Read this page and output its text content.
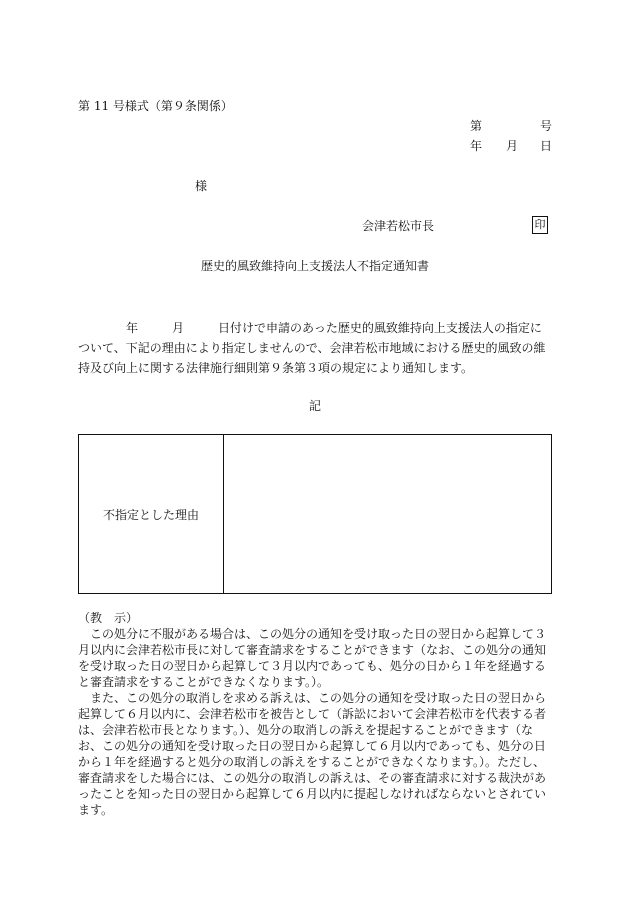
第 11 号様式（第９条関係）
第	号
年 月 日
様
会津若松市長	印
歴史的風致維持向上支援法人不指定通知書
年	月	日付けで申請のあった歴史的風致維持向上支援法人の指定について、下記の理由により指定しませんので、会津若松市地域における歴史的風致の維持及び向上に関する法律施行細則第９条第３項の規定により通知します。
記
不指定とした理由	
（教　示）

この処分に不服がある場合は、この処分の通知を受け取った日の翌日から起算して３月以内に会津若松市長に対して審査請求をすることができます（なお、この処分の通知を受け取った日の翌日から起算して３月以内であっても、処分の日から１年を経過すると審査請求をすることができなくなります。）。

また、この処分の取消しを求める訴えは、この処分の通知を受け取った日の翌日から起算して６月以内に、会津若松市を被告として（訴訟において会津若松市を代表する者は、会津若松市長となります。）、処分の取消しの訴えを提起することができます（なお、この処分の通知を受け取った日の翌日から起算して６月以内であっても、処分の日から１年を経過すると処分の取消しの訴えをすることができなくなります。）。ただし、審査請求をした場合には、この処分の取消しの訴えは、その審査請求に対する裁決があったことを知った日の翌日から起算して６月以内に提起しなければならないとされています。
